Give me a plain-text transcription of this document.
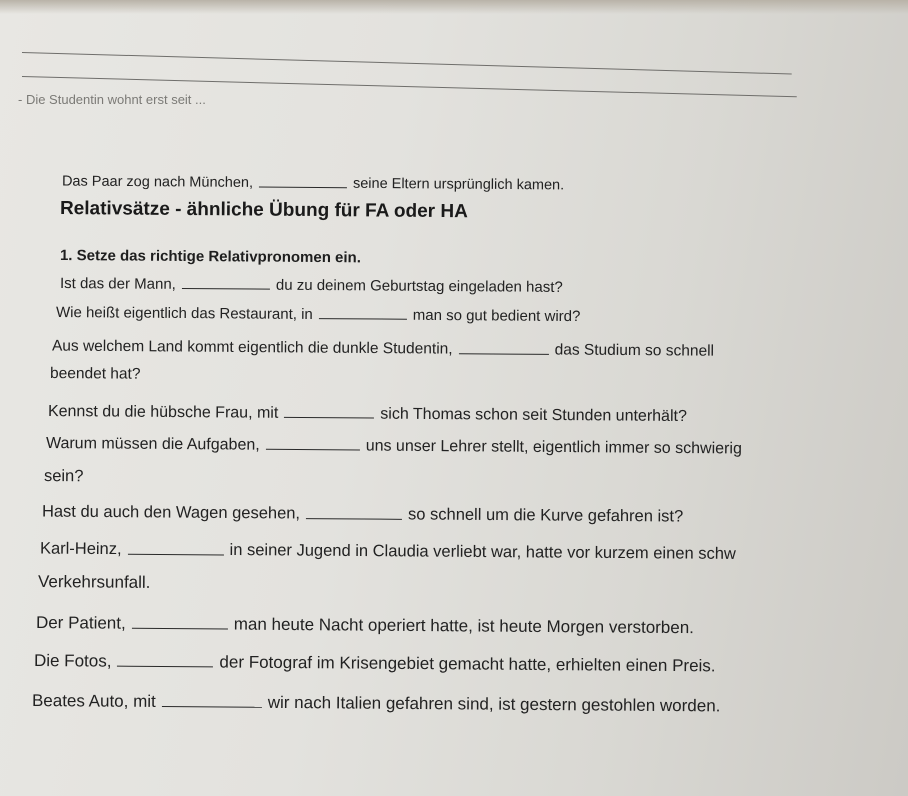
- Die Studentin wohnt erst seit ...
Das Paar zog nach München,	seine Eltern ursprünglich kamen.
Relativsätze - ähnliche Übung für FA oder HA
1. Setze das richtige Relativpronomen ein.
Ist das der Mann,	du zu deinem Geburtstag eingeladen hast?
Wie heißt eigentlich das Restaurant, in	man so gut bedient wird?
Aus welchem Land kommt eigentlich die dunkle Studentin,	das Studium so schnell
beendet hat?
Kennst du die hübsche Frau, mit	sich Thomas schon seit Stunden unterhält?
Warum müssen die Aufgaben,	uns unser Lehrer stellt, eigentlich immer so schwierig
sein?
Hast du auch den Wagen gesehen,	so schnell um die Kurve gefahren ist?
Karl-Heinz,	in seiner Jugend in Claudia verliebt war, hatte vor kurzem einen schw
Verkehrsunfall.
Der Patient,	man heute Nacht operiert hatte, ist heute Morgen verstorben.
Die Fotos,	der Fotograf im Krisengebiet gemacht hatte, erhielten einen Preis.
Beates Auto, mit	wir nach Italien gefahren sind, ist gestern gestohlen worden.
